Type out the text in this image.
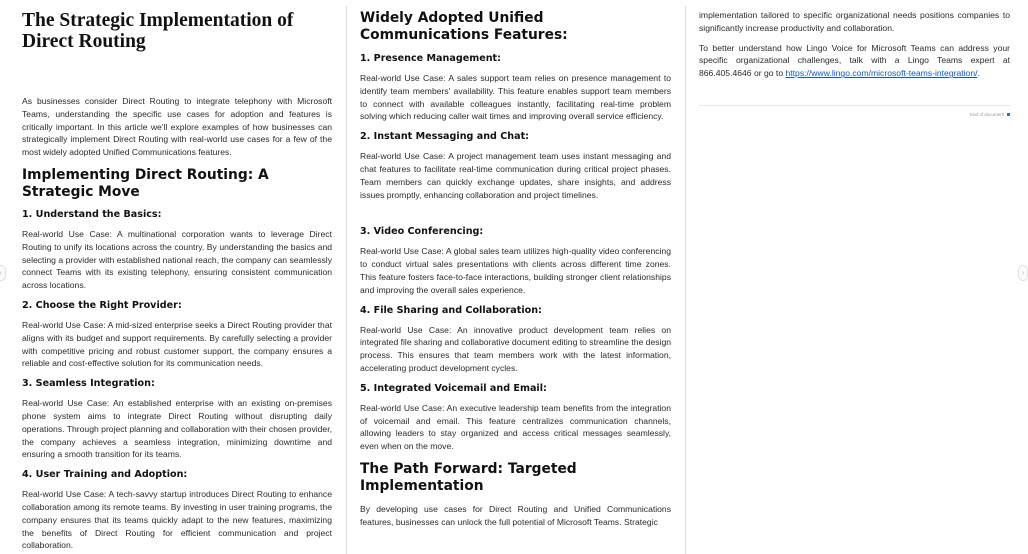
›
The Strategic Implementation of Direct Routing

As businesses consider Direct Routing to integrate telephony with Microsoft Teams, understanding the specific use cases for adoption and features is critically important. In this article we'll explore examples of how businesses can strategically implement Direct Routing with real-world use cases for a few of the most widely adopted Unified Communications features.

Implementing Direct Routing: A Strategic Move
1. Understand the Basics:

Real-world Use Case: A multinational corporation wants to leverage Direct Routing to unify its locations across the country. By understanding the basics and selecting a provider with established national reach, the company can seamlessly connect Teams with its existing telephony, ensuring consistent communication across locations.

2. Choose the Right Provider:

Real-world Use Case: A mid-sized enterprise seeks a Direct Routing provider that aligns with its budget and support requirements. By carefully selecting a provider with competitive pricing and robust customer support, the company ensures a reliable and cost-effective solution for its communication needs.

3. Seamless Integration:

Real-world Use Case: An established enterprise with an existing on-premises phone system aims to integrate Direct Routing without disrupting daily operations. Through project planning and collaboration with their chosen provider, the company achieves a seamless integration, minimizing downtime and ensuring a smooth transition for its teams.

4. User Training and Adoption:

Real-world Use Case: A tech-savvy startup introduces Direct Routing to enhance collaboration among its remote teams. By investing in user training programs, the company ensures that its teams quickly adapt to the new features, maximizing the benefits of Direct Routing for efficient communication and project collaboration.

Widely Adopted Unified Communications Features:
1. Presence Management:

Real-world Use Case: A sales support team relies on presence management to identify team members' availability. This feature enables support team members to connect with available colleagues instantly, facilitating real-time problem solving which reducing caller wait times and improving overall service efficiency.

2. Instant Messaging and Chat:

Real-world Use Case: A project management team uses instant messaging and chat features to facilitate real-time communication during critical project phases. Team members can quickly exchange updates, share insights, and address issues promptly, enhancing collaboration and project timelines.

3. Video Conferencing:

Real-world Use Case: A global sales team utilizes high-quality video conferencing to conduct virtual sales presentations with clients across different time zones. This feature fosters face-to-face interactions, building stronger client relationships and improving the overall sales experience.

4. File Sharing and Collaboration:

Real-world Use Case: An innovative product development team relies on integrated file sharing and collaborative document editing to streamline the design process. This ensures that team members work with the latest information, accelerating product development cycles.

5. Integrated Voicemail and Email:

Real-world Use Case: An executive leadership team benefits from the integration of voicemail and email. This feature centralizes communication channels, allowing leaders to stay organized and access critical messages seamlessly, even when on the move.

The Path Forward: Targeted Implementation

By developing use cases for Direct Routing and Unified Communications features, businesses can unlock the full potential of Microsoft Teams. Strategic

implementation tailored to specific organizational needs positions companies to significantly increase productivity and collaboration.

To better understand how Lingo Voice for Microsoft Teams can address your specific organizational challenges, talk with a Lingo Teams expert at 866.405.4646 or go to https://www.lingo.com/microsoft-teams-integration/.

End of document
